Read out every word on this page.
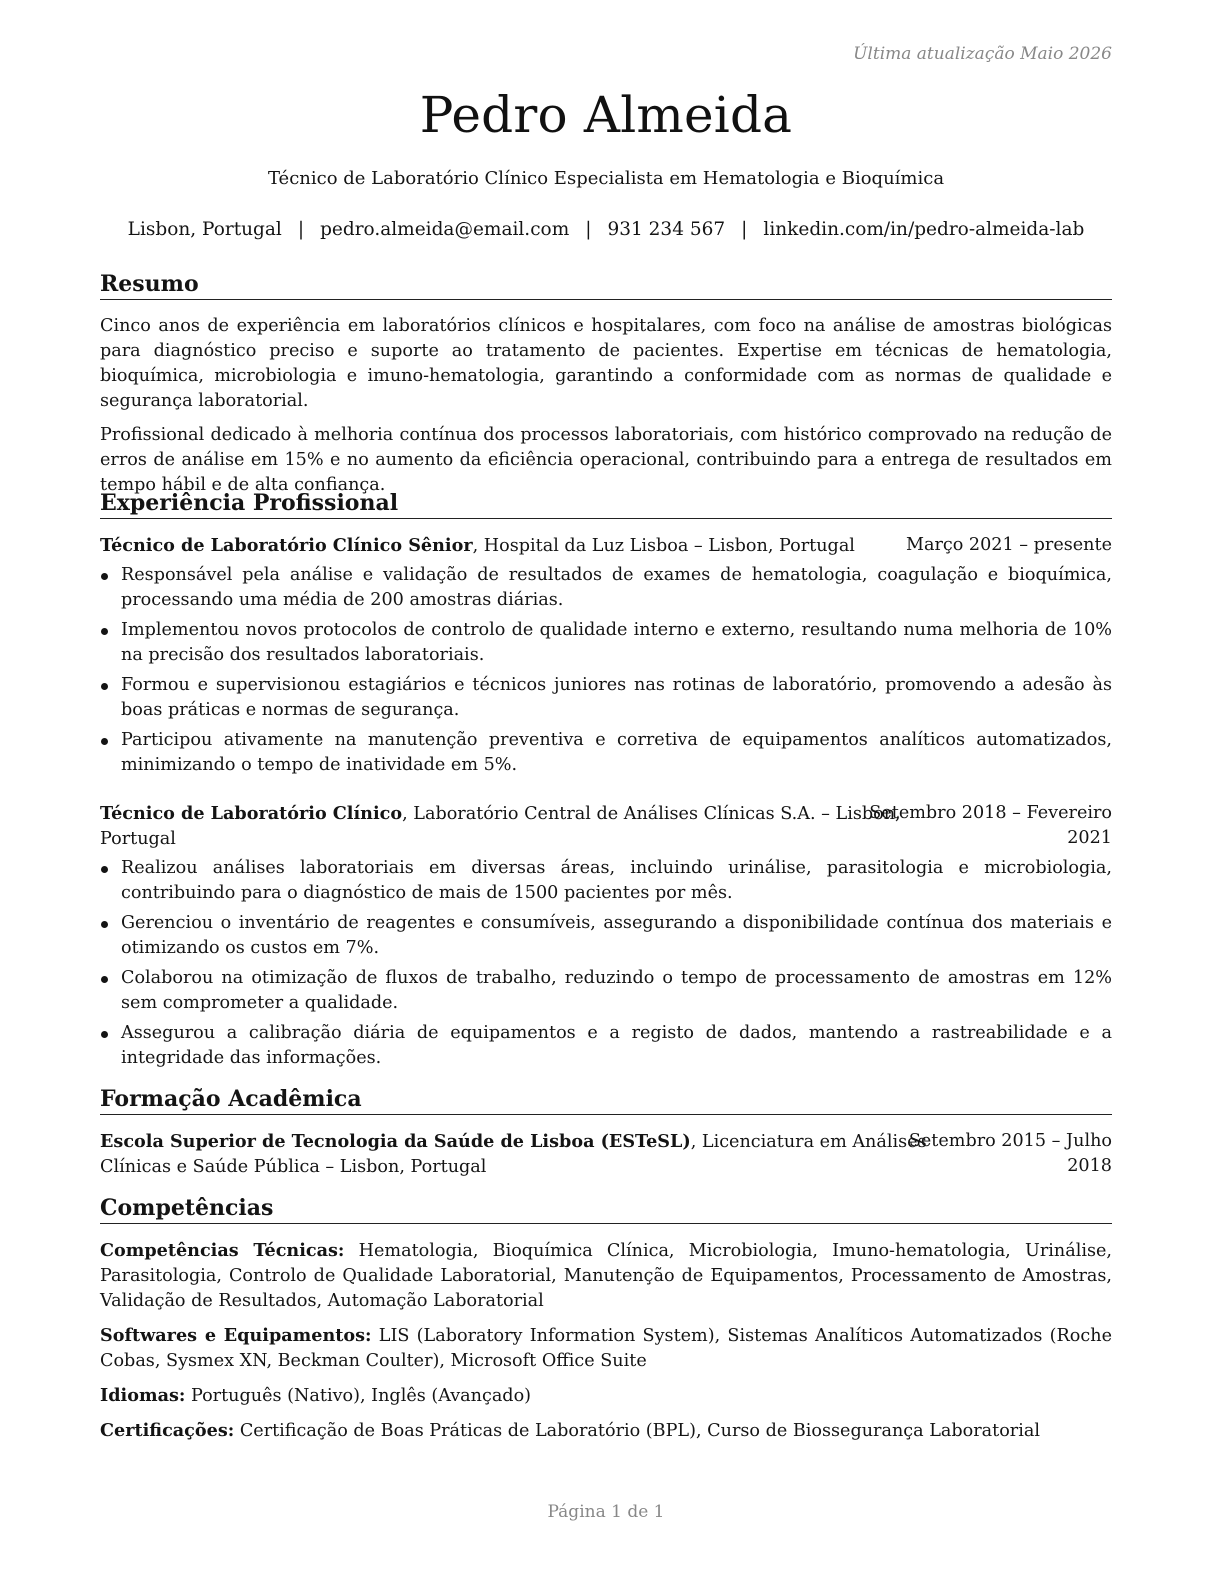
Última atualização Maio 2026
Pedro Almeida
Técnico de Laboratório Clínico Especialista em Hematologia e Bioquímica
Lisbon, Portugal | pedro.almeida@email.com | 931 234 567 | linkedin.com/in/pedro-almeida-lab
Resumo

Cinco anos de experiência em laboratórios clínicos e hospitalares, com foco na análise de amostras biológicas para diagnóstico preciso e suporte ao tratamento de pacientes. Expertise em técnicas de hematologia, bioquímica, microbiologia e imuno-hematologia, garantindo a conformidade com as normas de qualidade e segurança laboratorial.

Profissional dedicado à melhoria contínua dos processos laboratoriais, com histórico comprovado na redução de erros de análise em 15% e no aumento da eficiência operacional, contribuindo para a entrega de resultados em tempo hábil e de alta confiança.

Experiência Profissional
Técnico de Laboratório Clínico Sênior, Hospital da Luz Lisboa – Lisbon, Portugal	Março 2021 – presente
Responsável pela análise e validação de resultados de exames de hematologia, coagulação e bioquímica, processando uma média de 200 amostras diárias.
Implementou novos protocolos de controlo de qualidade interno e externo, resultando numa melhoria de 10% na precisão dos resultados laboratoriais.
Formou e supervisionou estagiários e técnicos juniores nas rotinas de laboratório, promovendo a adesão às boas práticas e normas de segurança.
Participou ativamente na manutenção preventiva e corretiva de equipamentos analíticos automatizados, minimizando o tempo de inatividade em 5%.
Técnico de Laboratório Clínico, Laboratório Central de Análises Clínicas S.A. – Lisbon,
Portugal
Setembro 2018 – Fevereiro
2021
Realizou análises laboratoriais em diversas áreas, incluindo urinálise, parasitologia e microbiologia, contribuindo para o diagnóstico de mais de 1500 pacientes por mês.
Gerenciou o inventário de reagentes e consumíveis, assegurando a disponibilidade contínua dos materiais e otimizando os custos em 7%.
Colaborou na otimização de fluxos de trabalho, reduzindo o tempo de processamento de amostras em 12% sem comprometer a qualidade.
Assegurou a calibração diária de equipamentos e a registo de dados, mantendo a rastreabilidade e a integridade das informações.
Formação Acadêmica
Escola Superior de Tecnologia da Saúde de Lisboa (ESTeSL), Licenciatura em Análises
Clínicas e Saúde Pública – Lisbon, Portugal
Setembro 2015 – Julho
2018
Competências

Competências Técnicas: Hematologia, Bioquímica Clínica, Microbiologia, Imuno-hematologia, Urinálise, Parasitologia, Controlo de Qualidade Laboratorial, Manutenção de Equipamentos, Processamento de Amostras, Validação de Resultados, Automação Laboratorial

Softwares e Equipamentos: LIS (Laboratory Information System), Sistemas Analíticos Automatizados (Roche Cobas, Sysmex XN, Beckman Coulter), Microsoft Office Suite

Idiomas: Português (Nativo), Inglês (Avançado)

Certificações: Certificação de Boas Práticas de Laboratório (BPL), Curso de Biossegurança Laboratorial

Página 1 de 1
